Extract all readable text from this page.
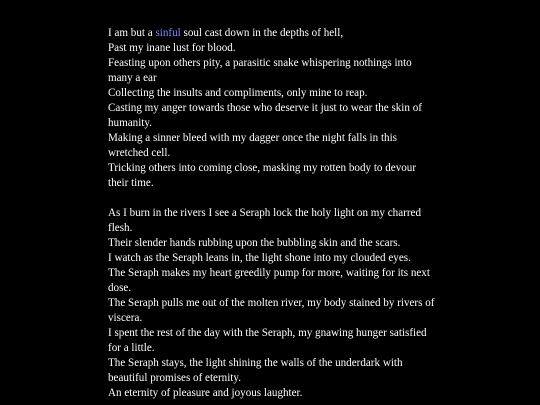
I am but a sinful soul cast down in the depths of hell,
Past my inane lust for blood.
Feasting upon others pity, a parasitic snake whispering nothings into many a ear
Collecting the insults and compliments, only mine to reap.
Casting my anger towards those who deserve it just to wear the skin of humanity.
Making a sinner bleed with my dagger once the night falls in this wretched cell.
Tricking others into coming close, masking my rotten body to devour their time.
As I burn in the rivers I see a Seraph lock the holy light on my charred flesh.
Their slender hands rubbing upon the bubbling skin and the scars.
I watch as the Seraph leans in, the light shone into my clouded eyes.
The Seraph makes my heart greedily pump for more, waiting for its next dose.
The Seraph pulls me out of the molten river, my body stained by rivers of viscera.
I spent the rest of the day with the Seraph, my gnawing hunger satisfied for a little.
The Seraph stays, the light shining the walls of the underdark with beautiful promises of eternity.
An eternity of pleasure and joyous laughter.
